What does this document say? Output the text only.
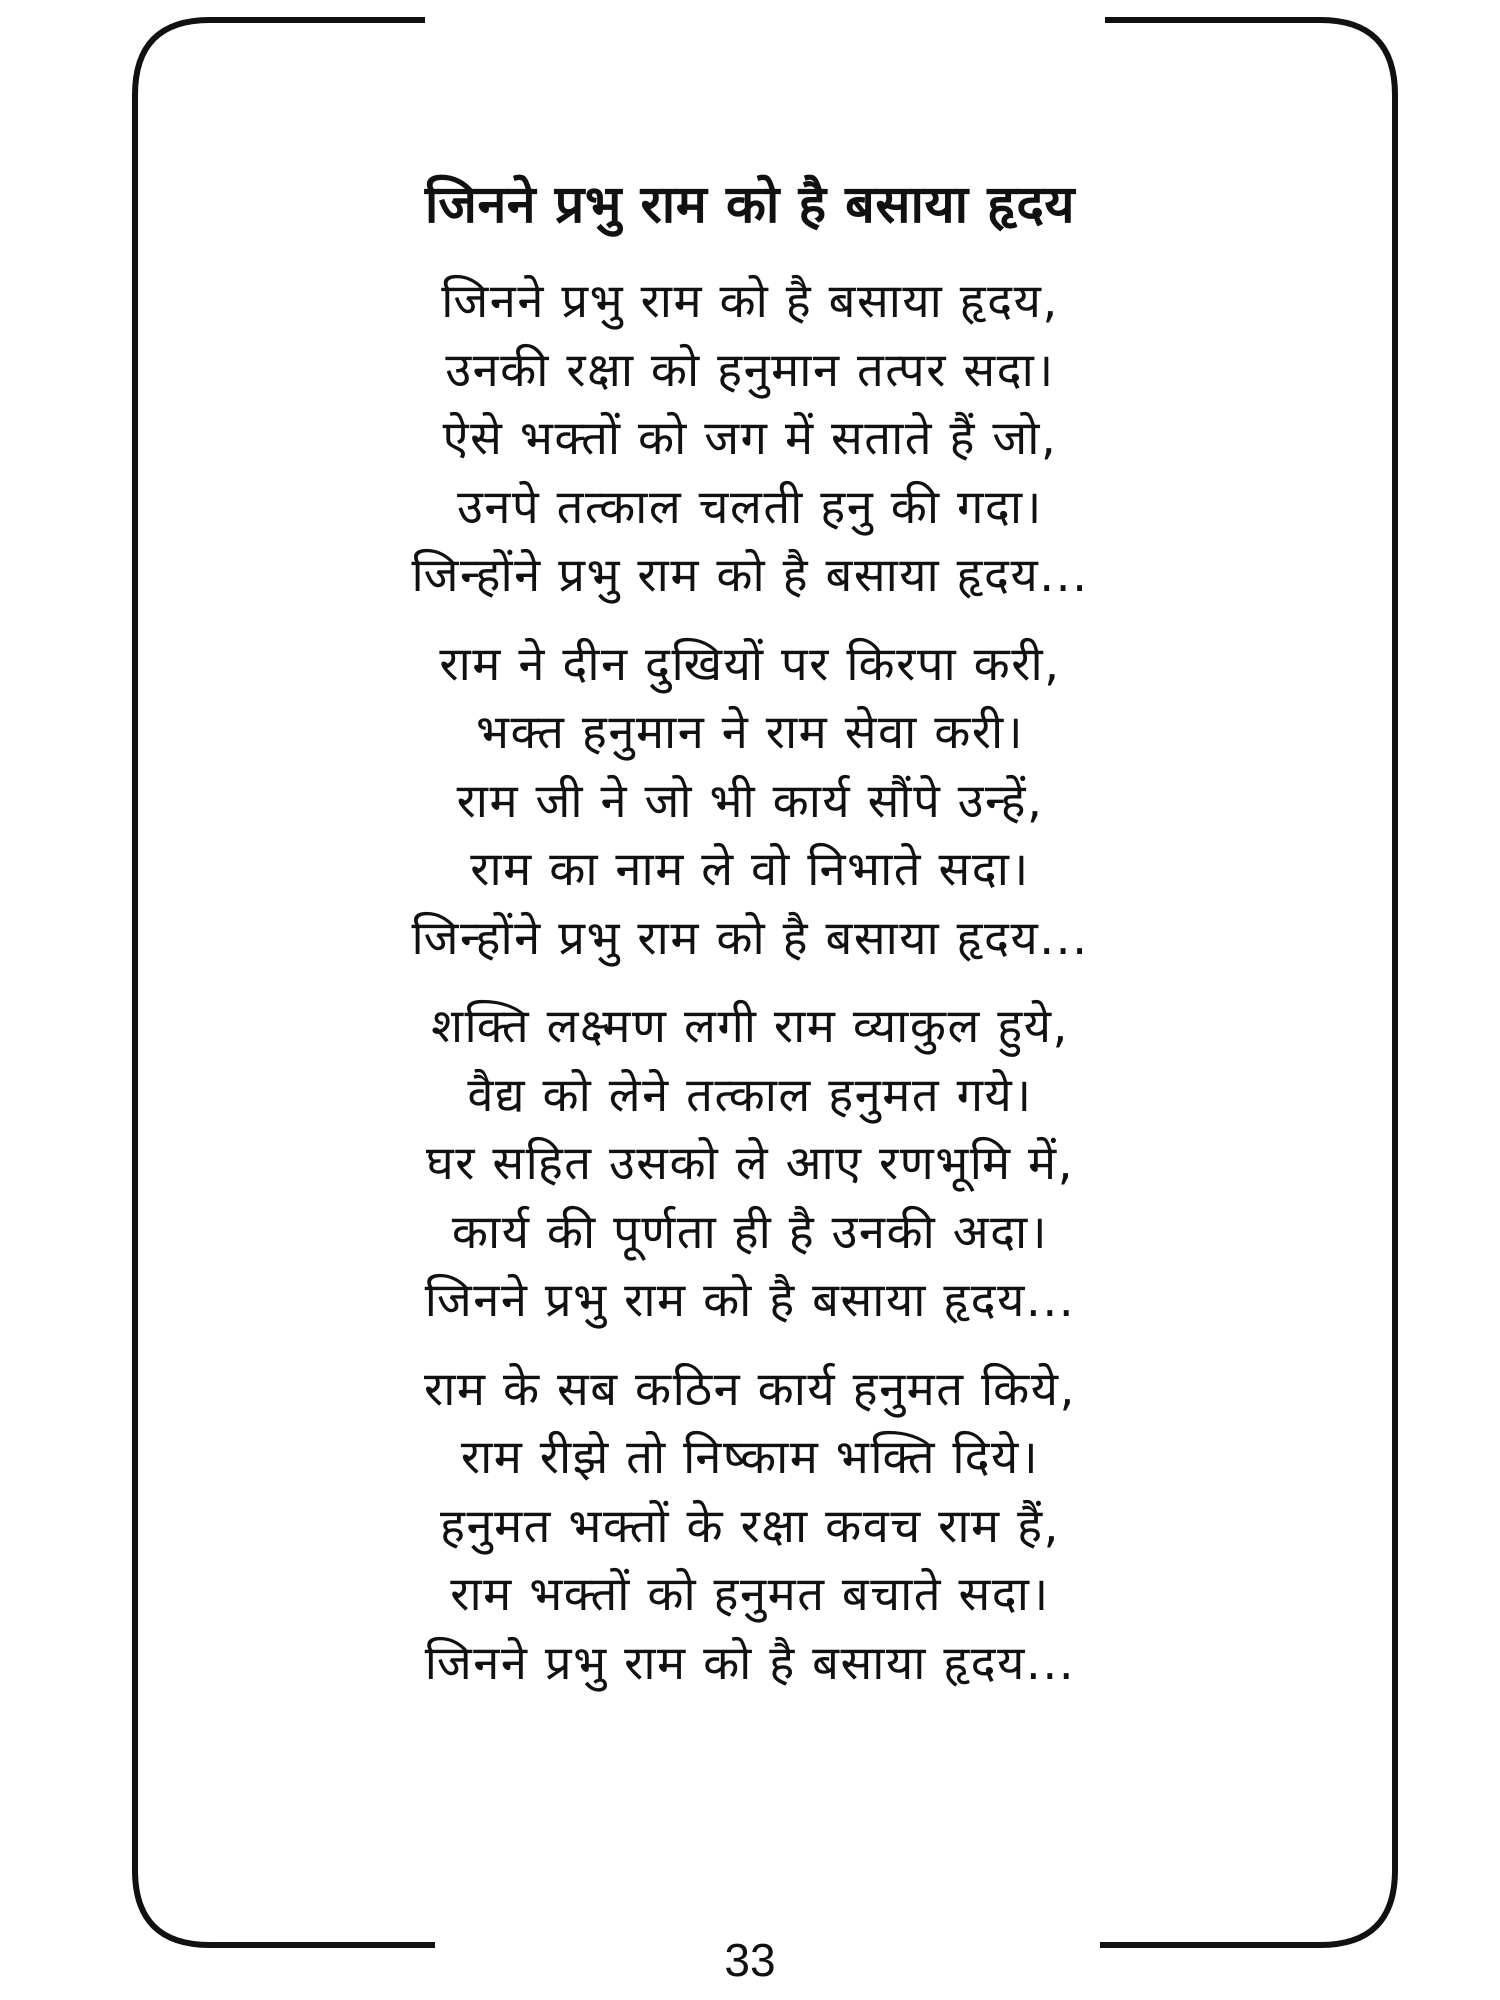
जिनने प्रभु राम को है बसाया हृदय
जिनने प्रभु राम को है बसाया हृदय,
उनकी रक्षा को हनुमान तत्पर सदा।
ऐसे भक्तों को जग में सताते हैं जो,
उनपे तत्काल चलती हनु की गदा।
जिन्होंने प्रभु राम को है बसाया हृदय...
राम ने दीन दुखियों पर किरपा करी,
भक्त हनुमान ने राम सेवा करी।
राम जी ने जो भी कार्य सौंपे उन्हें,
राम का नाम ले वो निभाते सदा।
जिन्होंने प्रभु राम को है बसाया हृदय...
शक्ति लक्ष्मण लगी राम व्याकुल हुये,
वैद्य को लेने तत्काल हनुमत गये।
घर सहित उसको ले आए रणभूमि में,
कार्य की पूर्णता ही है उनकी अदा।
जिनने प्रभु राम को है बसाया हृदय...
राम के सब कठिन कार्य हनुमत किये,
राम रीझे तो निष्काम भक्ति दिये।
हनुमत भक्तों के रक्षा कवच राम हैं,
राम भक्तों को हनुमत बचाते सदा।
जिनने प्रभु राम को है बसाया हृदय...
33
